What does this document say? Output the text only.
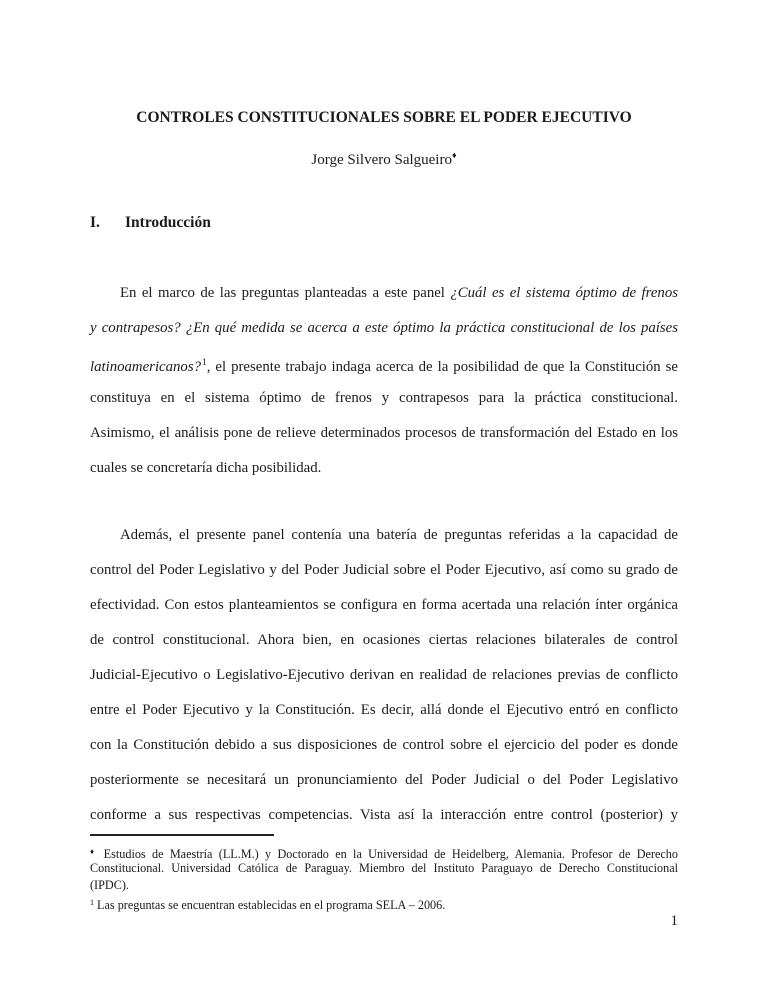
CONTROLES CONSTITUCIONALES SOBRE EL PODER EJECUTIVO
Jorge Silvero Salgueiro♦
I. Introducción
En el marco de las preguntas planteadas a este panel ¿Cuál es el sistema óptimo de frenos
y contrapesos? ¿En qué medida se acerca a este óptimo la práctica constitucional de los países
latinoamericanos?$^1$, el presente trabajo indaga acerca de la posibilidad de que la Constitución se
constituya en el sistema óptimo de frenos y contrapesos para la práctica constitucional.
Asimismo, el análisis pone de relieve determinados procesos de transformación del Estado en los
cuales se concretaría dicha posibilidad.
Además, el presente panel contenía una batería de preguntas referidas a la capacidad de
control del Poder Legislativo y del Poder Judicial sobre el Poder Ejecutivo, así como su grado de
efectividad. Con estos planteamientos se configura en forma acertada una relación ínter orgánica
de control constitucional. Ahora bien, en ocasiones ciertas relaciones bilaterales de control
Judicial-Ejecutivo o Legislativo-Ejecutivo derivan en realidad de relaciones previas de conflicto
entre el Poder Ejecutivo y la Constitución. Es decir, allá donde el Ejecutivo entró en conflicto
con la Constitución debido a sus disposiciones de control sobre el ejercicio del poder es donde
posteriormente se necesitará un pronunciamiento del Poder Judicial o del Poder Legislativo
conforme a sus respectivas competencias. Vista así la interacción entre control (posterior) y
♦ Estudios de Maestría (LL.M.) y Doctorado en la Universidad de Heidelberg, Alemania. Profesor de Derecho
Constitucional. Universidad Católica de Paraguay. Miembro del Instituto Paraguayo de Derecho Constitucional
(IPDC).
$^1$ Las preguntas se encuentran establecidas en el programa SELA – 2006.
1
